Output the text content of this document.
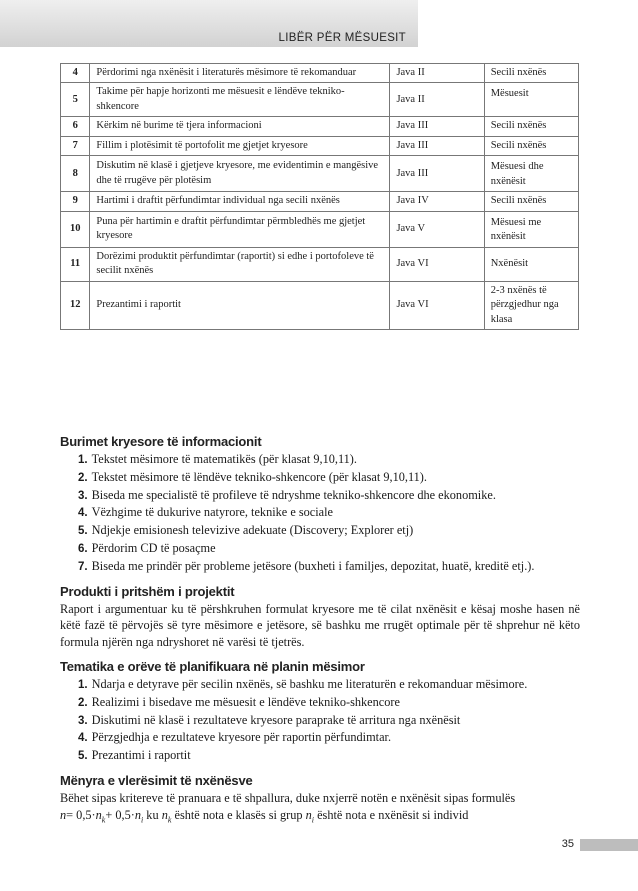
LIBËR PËR MËSUESIT
4	Përdorimi nga nxënësit i literaturës mësimore të rekomanduar	Java II	Secili nxënës
5	Takime për hapje horizonti me mësuesit e lëndëve tekniko-shkencore	Java II	Mësuesit
6	Kërkim në burime të tjera informacioni	Java III	Secili nxënës
7	Fillim i plotësimit të portofolit me gjetjet kryesore	Java III	Secili nxënës
8	Diskutim në klasë i gjetjeve kryesore, me evidentimin e mangësive dhe të rrugëve për plotësim	Java III	Mësuesi dhe nxënësit
9	Hartimi i draftit përfundimtar individual nga secili nxënës	Java IV	Secili nxënës
10	Puna për hartimin e draftit përfundimtar përmbledhës me gjetjet kryesore	Java V	Mësuesi me nxënësit
11	Dorëzimi produktit përfundimtar (raportit) si edhe i portofoleve të secilit nxënës	Java VI	Nxënësit
12	Prezantimi i raportit	Java VI	2-3 nxënës të përzgjedhur nga klasa
Burimet kryesore të informacionit
1. Tekstet mësimore të matematikës (për klasat 9,10,11).
2. Tekstet mësimore të lëndëve tekniko-shkencore (për klasat 9,10,11).
3. Biseda me specialistë të profileve të ndryshme tekniko-shkencore dhe ekonomike.
4. Vëzhgime të dukurive natyrore, teknike e sociale
5. Ndjekje emisionesh televizive adekuate (Discovery; Explorer etj)
6. Përdorim CD të posaçme
7. Biseda me prindër për probleme jetësore (buxheti i familjes, depozitat, huatë, kreditë etj.).
Produkti i pritshëm i projektit

Raport i argumentuar ku të përshkruhen formulat kryesore me të cilat nxënësit e kësaj moshe hasen në këtë fazë të përvojës së tyre mësimore e jetësore, së bashku me rrugët optimale për të shprehur në këto formula njërën nga ndryshoret në varësi të tjetrës.

Tematika e orëve të planifikuara në planin mësimor
1. Ndarja e detyrave për secilin nxënës, së bashku me literaturën e rekomanduar mësimore.
2. Realizimi i bisedave me mësuesit e lëndëve tekniko-shkencore
3. Diskutimi në klasë i rezultateve kryesore paraprake të arritura nga nxënësit
4. Përzgjedhja e rezultateve kryesore për raportin përfundimtar.
5. Prezantimi i raportit
Mënyra e vlerësimit të nxënësve

Bëhet sipas kritereve të pranuara e të shpallura, duke nxjerrë notën e nxënësit sipas formulës

$n= 0,5\cdot n_k+ 0,5\cdot n_i$ ku $n_k$ është nota e klasës si grup $n_i$ është nota e nxënësit si individ
35
